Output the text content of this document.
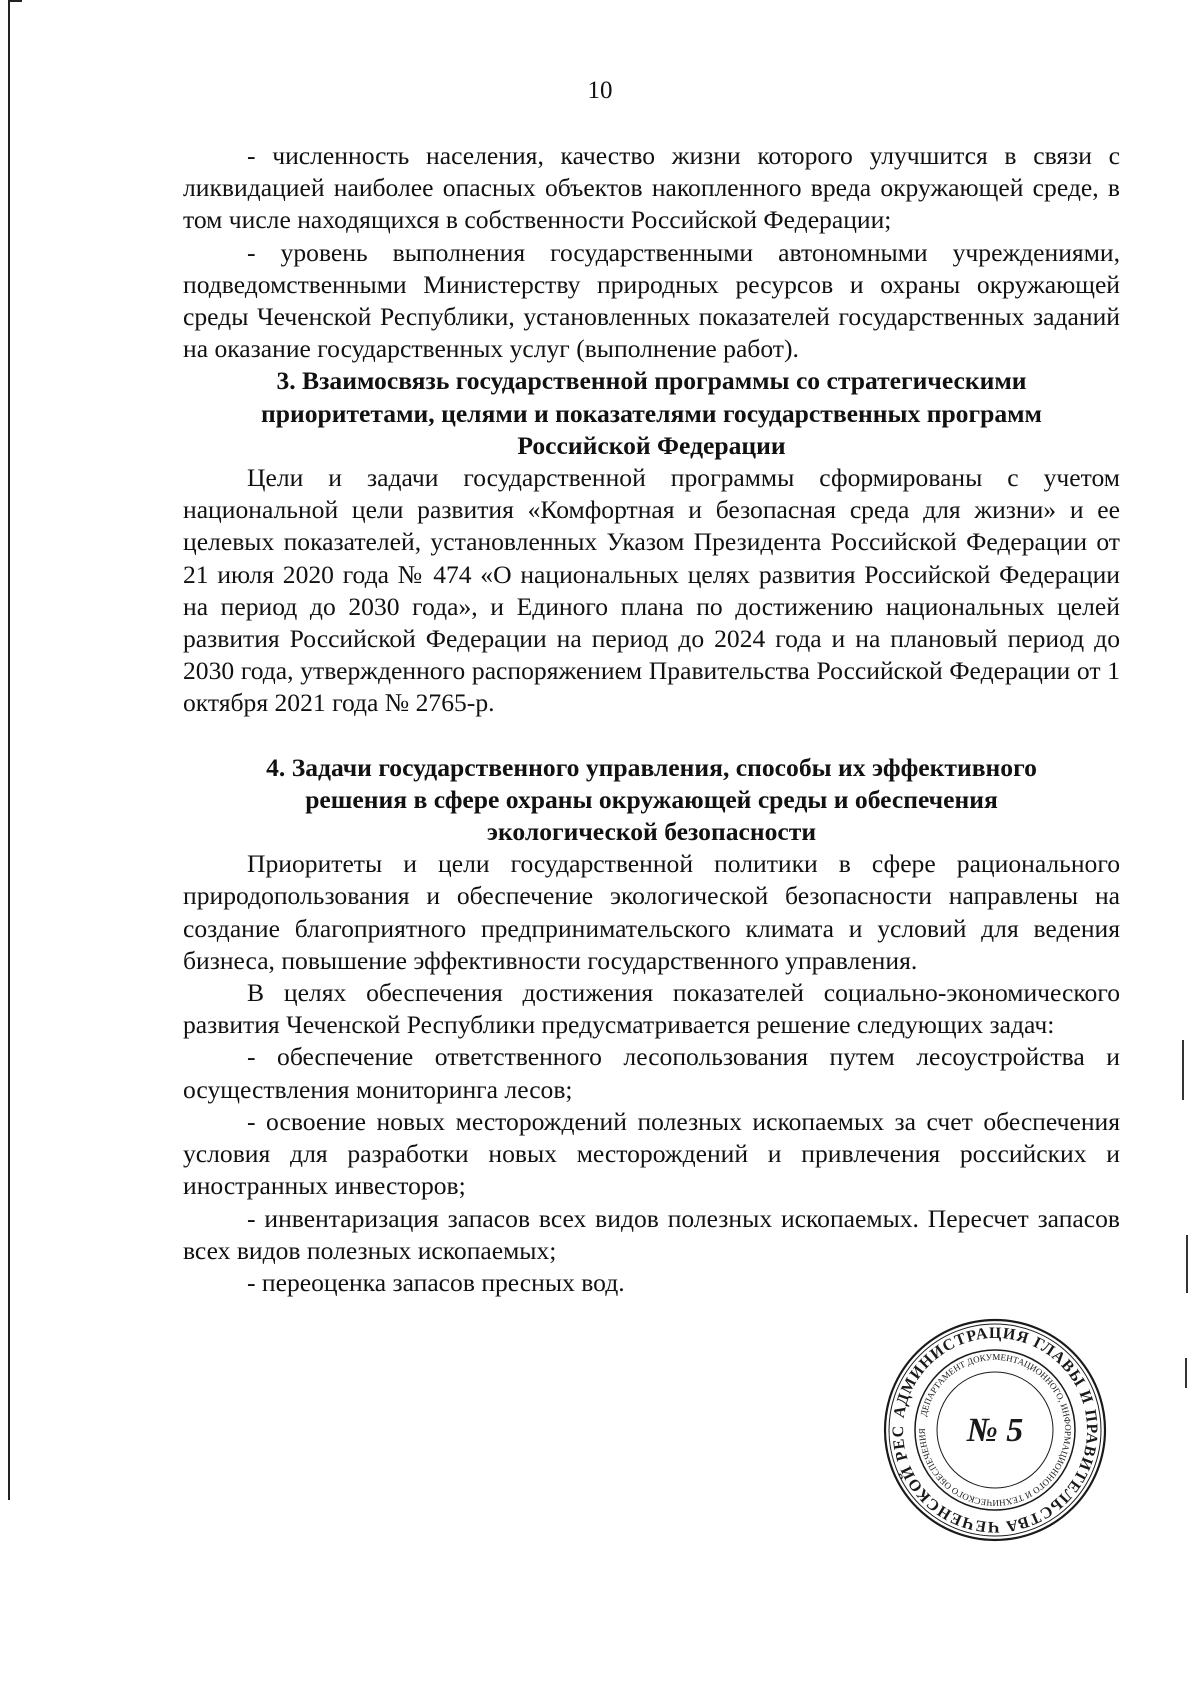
10

- численность населения, качество жизни которого улучшится в связи с ликвидацией наиболее опасных объектов накопленного вреда окружающей среде, в том числе находящихся в собственности Российской Федерации;

- уровень выполнения государственными автономными учреждениями, подведомственными Министерству природных ресурсов и охраны окружающей среды Чеченской Республики, установленных показателей государственных заданий на оказание государственных услуг (выполнение работ).

3. Взаимосвязь государственной программы со стратегическими приоритетами, целями и показателями государственных программ Российской Федерации

Цели и задачи государственной программы сформированы с учетом национальной цели развития «Комфортная и безопасная среда для жизни» и ее целевых показателей, установленных Указом Президента Российской Федерации от 21 июля 2020 года № 474 «О национальных целях развития Российской Федерации на период до 2030 года», и Единого плана по достижению национальных целей развития Российской Федерации на период до 2024 года и на плановый период до 2030 года, утвержденного распоряжением Правительства Российской Федерации от 1 октября 2021 года № 2765-р.

4. Задачи государственного управления, способы их эффективного решения в сфере охраны окружающей среды и обеспечения экологической безопасности

Приоритеты и цели государственной политики в сфере рационального природопользования и обеспечение экологической безопасности направлены на создание благоприятного предпринимательского климата и условий для ведения бизнеса, повышение эффективности государственного управления.

В целях обеспечения достижения показателей социально-экономического развития Чеченской Республики предусматривается решение следующих задач:

- обеспечение ответственного лесопользования путем лесоустройства и осуществления мониторинга лесов;

- освоение новых месторождений полезных ископаемых за счет обеспечения условия для разработки новых месторождений и привлечения российских и иностранных инвесторов;

- инвентаризация запасов всех видов полезных ископаемых. Пересчет запасов всех видов полезных ископаемых;

- переоценка запасов пресных вод.

АДМИНИСТРАЦИЯ ГЛАВЫ И ПРАВИТЕЛЬСТВА ЧЕЧЕНСКОЙ РЕС
ДЕПАРТАМЕНТ ДОКУМЕНТАЦИОННОГО, ИНФОРМАЦИОННОГО И ТЕХНИЧЕСКОГО ОБЕСПЕЧЕНИЯ	№ 5
